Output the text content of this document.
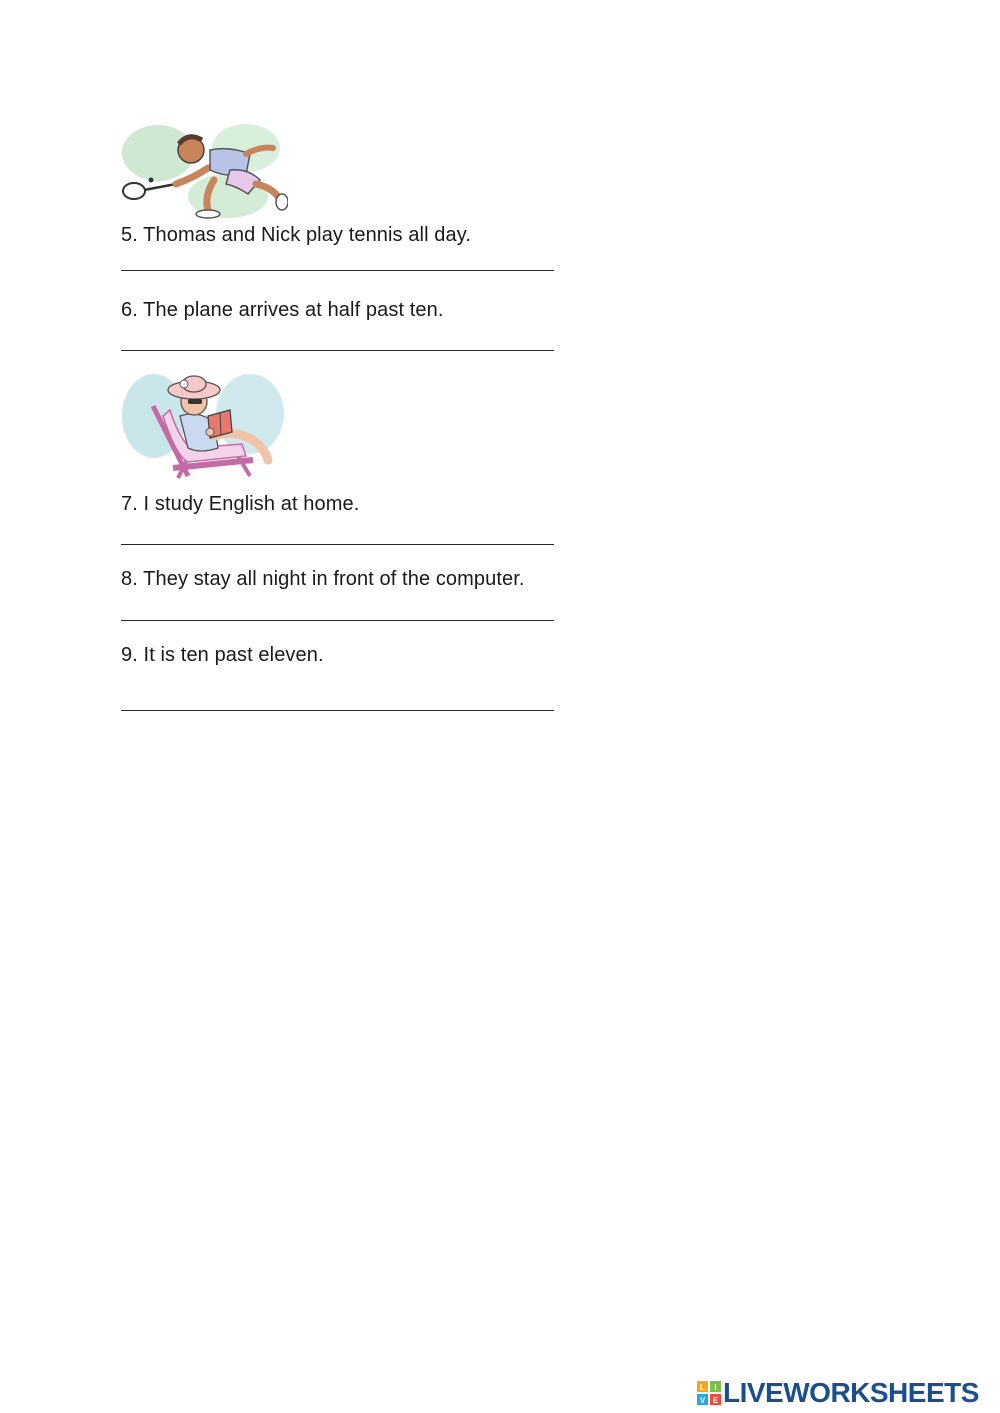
5. Thomas and Nick play tennis all day.
6. The plane arrives at half past ten.
7. I study English at home.
8. They stay all night in front of the computer.
9. It is ten past eleven.
L I
V E LIVEWORKSHEETS
